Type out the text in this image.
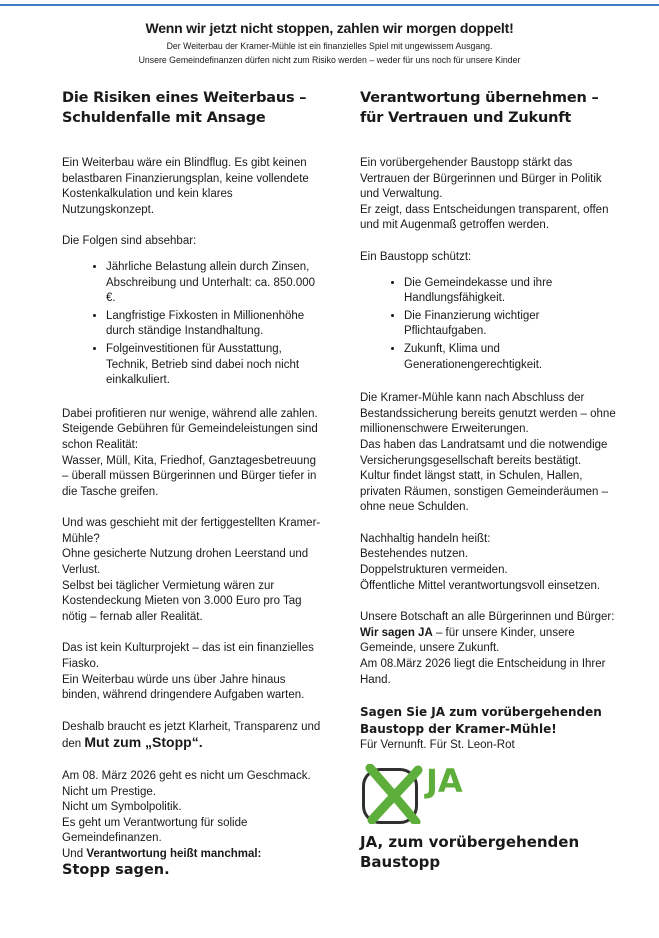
Wenn wir jetzt nicht stoppen, zahlen wir morgen doppelt!

Der Weiterbau der Kramer-Mühle ist ein finanzielles Spiel mit ungewissem Ausgang.

Unsere Gemeindefinanzen dürfen nicht zum Risiko werden – weder für uns noch für unsere Kinder

Die Risiken eines Weiterbaus – Schuldenfalle mit Ansage

Ein Weiterbau wäre ein Blindflug. Es gibt keinen belastbaren Finanzierungsplan, keine vollendete Kostenkalkulation und kein klares Nutzungskonzept.

Die Folgen sind absehbar:

• Jährliche Belastung allein durch Zinsen, Abschreibung und Unterhalt: ca. 850.000 €.
• Langfristige Fixkosten in Millionenhöhe durch ständige Instandhaltung.
• Folgeinvestitionen für Ausstattung, Technik, Betrieb sind dabei noch nicht einkalkuliert.

Dabei profitieren nur wenige, während alle zahlen.

Steigende Gebühren für Gemeindeleistungen sind schon Realität:

Wasser, Müll, Kita, Friedhof, Ganztagesbetreuung – überall müssen Bürgerinnen und Bürger tiefer in die Tasche greifen.

Und was geschieht mit der fertiggestellten Kramer-Mühle?

Ohne gesicherte Nutzung drohen Leerstand und Verlust.

Selbst bei täglicher Vermietung wären zur Kostendeckung Mieten von 3.000 Euro pro Tag nötig – fernab aller Realität.

Das ist kein Kulturprojekt – das ist ein finanzielles Fiasko.

Ein Weiterbau würde uns über Jahre hinaus binden, während dringendere Aufgaben warten.

Deshalb braucht es jetzt Klarheit, Transparenz und den Mut zum „Stopp“.

Am 08. März 2026 geht es nicht um Geschmack.

Nicht um Prestige.

Nicht um Symbolpolitik.

Es geht um Verantwortung für solide Gemeindefinanzen.

Und Verantwortung heißt manchmal:

Stopp sagen.

Verantwortung übernehmen – für Vertrauen und Zukunft

Ein vorübergehender Baustopp stärkt das Vertrauen der Bürgerinnen und Bürger in Politik und Verwaltung.

Er zeigt, dass Entscheidungen transparent, offen und mit Augenmaß getroffen werden.

Ein Baustopp schützt:

• Die Gemeindekasse und ihre Handlungsfähigkeit.
• Die Finanzierung wichtiger Pflichtaufgaben.
• Zukunft, Klima und Generationengerechtigkeit.

Die Kramer-Mühle kann nach Abschluss der Bestandssicherung bereits genutzt werden – ohne millionenschwere Erweiterungen.

Das haben das Landratsamt und die notwendige Versicherungsgesellschaft bereits bestätigt.

Kultur findet längst statt, in Schulen, Hallen, privaten Räumen, sonstigen Gemeinderäumen – ohne neue Schulden.

Nachhaltig handeln heißt:

Bestehendes nutzen.

Doppelstrukturen vermeiden.

Öffentliche Mittel verantwortungsvoll einsetzen.

Unsere Botschaft an alle Bürgerinnen und Bürger:

Wir sagen JA – für unsere Kinder, unsere Gemeinde, unsere Zukunft.

Am 08.März 2026 liegt die Entscheidung in Ihrer Hand.

Sagen Sie JA zum vorübergehenden Baustopp der Kramer-Mühle!

Für Vernunft. Für St. Leon-Rot

JA

JA, zum vorübergehenden Baustopp
